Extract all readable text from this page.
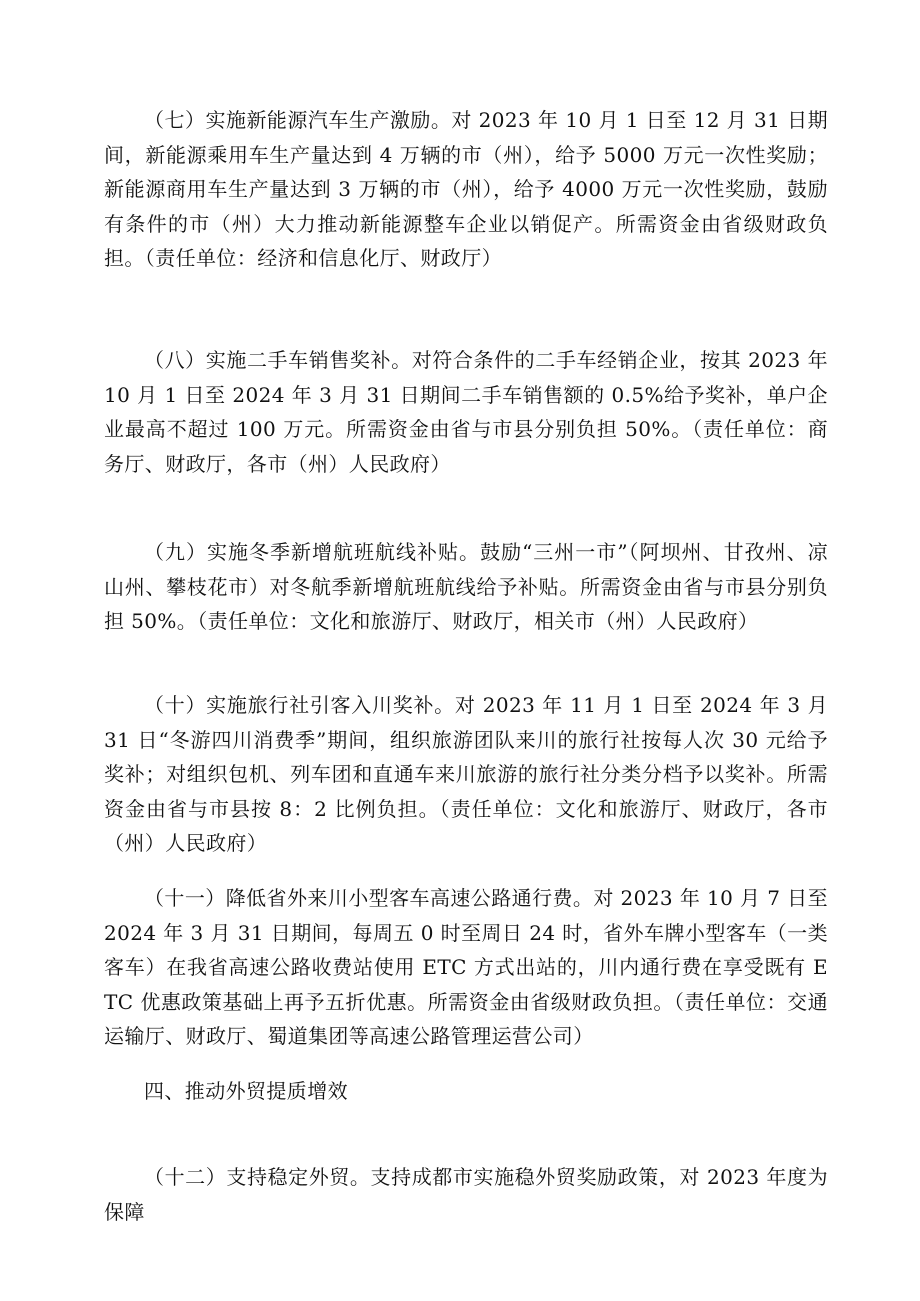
（七）实施新能源汽车生产激励。对 2023 年 10 月 1 日至 12 月 31 日期间，新能源乘用车生产量达到 4 万辆的市（州），给予 5000 万元一次性奖励；新能源商用车生产量达到 3 万辆的市（州），给予 4000 万元一次性奖励，鼓励有条件的市（州）大力推动新能源整车企业以销促产。所需资金由省级财政负担。（责任单位：经济和信息化厅、财政厅）

（八）实施二手车销售奖补。对符合条件的二手车经销企业，按其 2023 年 10 月 1 日至 2024 年 3 月 31 日期间二手车销售额的 0.5%给予奖补，单户企业最高不超过 100 万元。所需资金由省与市县分别负担 50%。（责任单位：商务厅、财政厅，各市（州）人民政府）

（九）实施冬季新增航班航线补贴。鼓励“三州一市”（阿坝州、甘孜州、凉山州、攀枝花市）对冬航季新增航班航线给予补贴。所需资金由省与市县分别负担 50%。（责任单位：文化和旅游厅、财政厅，相关市（州）人民政府）

（十）实施旅行社引客入川奖补。对 2023 年 11 月 1 日至 2024 年 3 月 31 日“冬游四川消费季”期间，组织旅游团队来川的旅行社按每人次 30 元给予奖补；对组织包机、列车团和直通车来川旅游的旅行社分类分档予以奖补。所需资金由省与市县按 8：2 比例负担。（责任单位：文化和旅游厅、财政厅，各市（州）人民政府）

（十一）降低省外来川小型客车高速公路通行费。对 2023 年 10 月 7 日至 2024 年 3 月 31 日期间，每周五 0 时至周日 24 时，省外车牌小型客车（一类客车）在我省高速公路收费站使用 ETC 方式出站的，川内通行费在享受既有 ETC 优惠政策基础上再予五折优惠。所需资金由省级财政负担。（责任单位：交通运输厅、财政厅、蜀道集团等高速公路管理运营公司）

四、推动外贸提质增效

（十二）支持稳定外贸。支持成都市实施稳外贸奖励政策，对 2023 年度为保障
